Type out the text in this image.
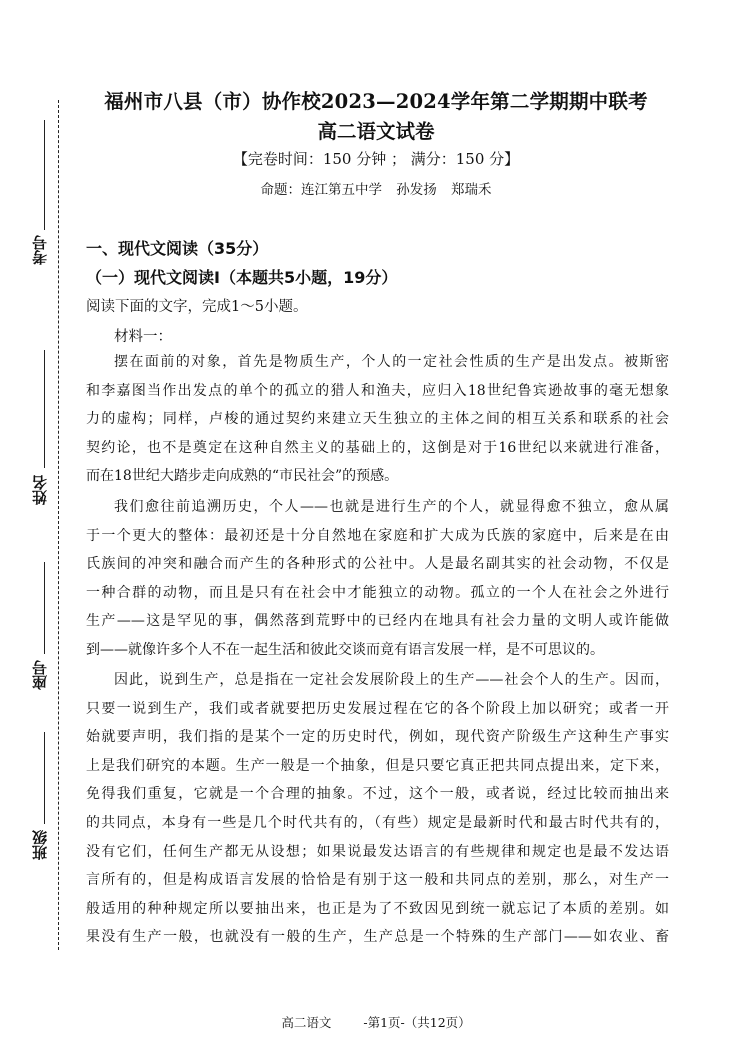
考号
姓名
座号
班级
福州市八县（市）协作校2023—2024学年第二学期期中联考
高二语文试卷
【完卷时间：150 分钟 ； 满分：150 分】
命题：连江第五中学 孙发扬 郑瑞禾
一、现代文阅读（35分）
（一）现代文阅读Ⅰ（本题共5小题，19分）
阅读下面的文字，完成1～5小题。
材料一：
摆在面前的对象，首先是物质生产，个人的一定社会性质的生产是出发点。被斯密
和李嘉图当作出发点的单个的孤立的猎人和渔夫，应归入18世纪鲁宾逊故事的毫无想象
力的虚构；同样，卢梭的通过契约来建立天生独立的主体之间的相互关系和联系的社会
契约论，也不是奠定在这种自然主义的基础上的，这倒是对于16世纪以来就进行准备，
而在18世纪大踏步走向成熟的“市民社会”的预感。
我们愈往前追溯历史，个人——也就是进行生产的个人，就显得愈不独立，愈从属
于一个更大的整体：最初还是十分自然地在家庭和扩大成为氏族的家庭中，后来是在由
氏族间的冲突和融合而产生的各种形式的公社中。人是最名副其实的社会动物，不仅是
一种合群的动物，而且是只有在社会中才能独立的动物。孤立的一个人在社会之外进行
生产——这是罕见的事，偶然落到荒野中的已经内在地具有社会力量的文明人或许能做
到——就像许多个人不在一起生活和彼此交谈而竟有语言发展一样，是不可思议的。
因此，说到生产，总是指在一定社会发展阶段上的生产——社会个人的生产。因而，
只要一说到生产，我们或者就要把历史发展过程在它的各个阶段上加以研究；或者一开
始就要声明，我们指的是某个一定的历史时代，例如，现代资产阶级生产这种生产事实
上是我们研究的本题。生产一般是一个抽象，但是只要它真正把共同点提出来，定下来，
免得我们重复，它就是一个合理的抽象。不过，这个一般，或者说，经过比较而抽出来
的共同点，本身有一些是几个时代共有的，（有些）规定是最新时代和最古时代共有的，
没有它们，任何生产都无从设想；如果说最发达语言的有些规律和规定也是最不发达语
言所有的，但是构成语言发展的恰恰是有别于这一般和共同点的差别，那么，对生产一
般适用的种种规定所以要抽出来，也正是为了不致因见到统一就忘记了本质的差别。如
果没有生产一般，也就没有一般的生产，生产总是一个特殊的生产部门——如农业、畜
高二语文	-第1页-（共12页）
